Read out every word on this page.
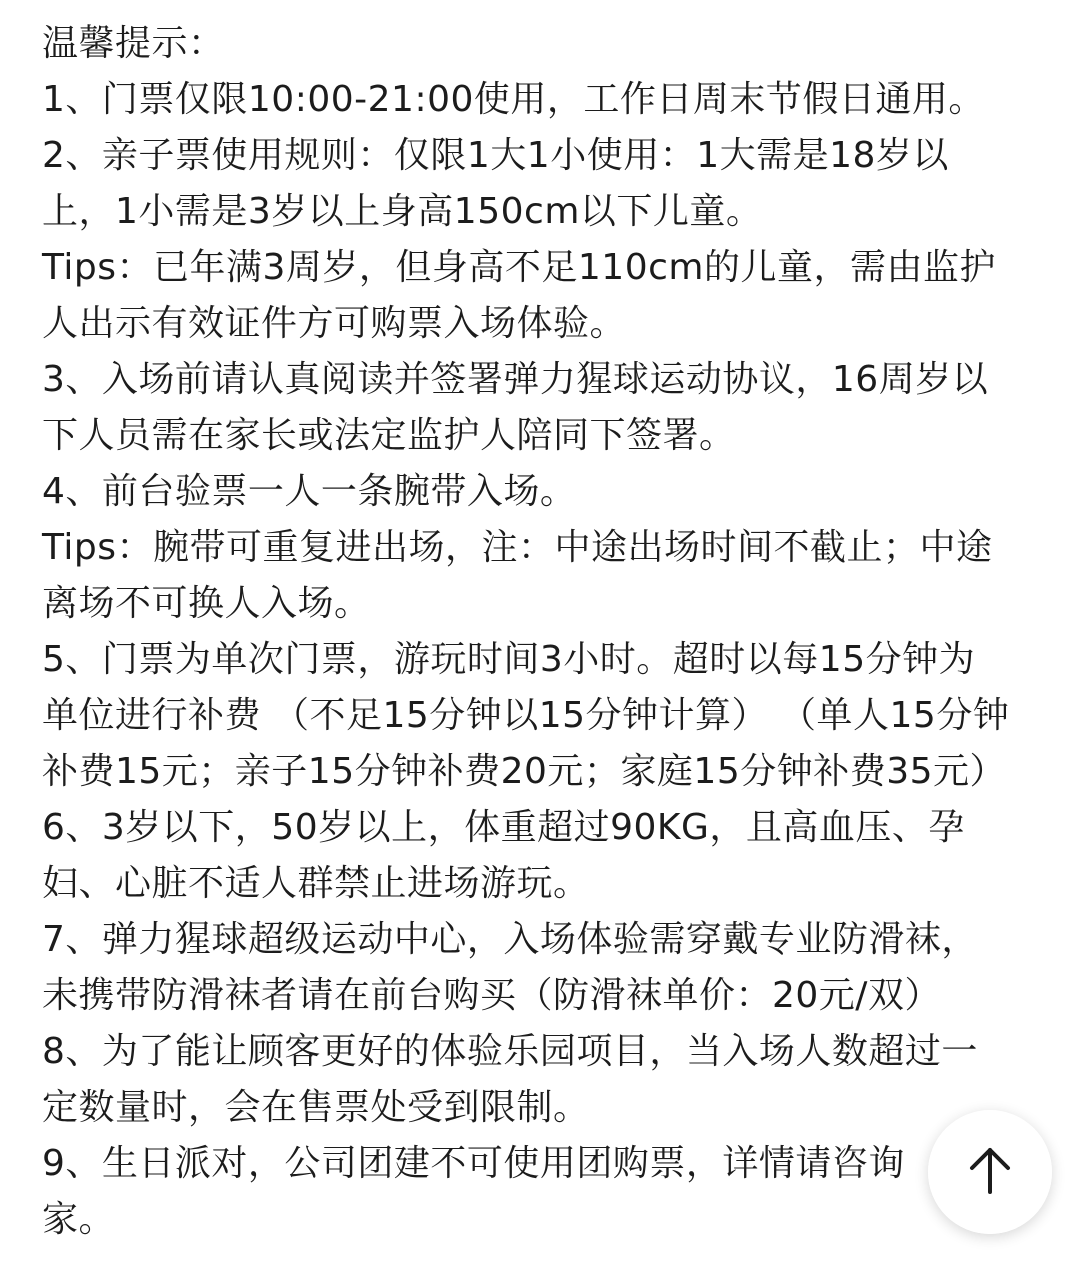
温馨提示：
1、门票仅限10:00-21:00使用，工作日周末节假日通用。
2、亲子票使用规则：仅限1大1小使用：1大需是18岁以
上，1小需是3岁以上身高150cm以下儿童。
Tips：已年满3周岁，但身高不足110cm的儿童，需由监护
人出示有效证件方可购票入场体验。
3、入场前请认真阅读并签署弹力猩球运动协议，16周岁以
下人员需在家长或法定监护人陪同下签署。
4、前台验票一人一条腕带入场。
Tips：腕带可重复进出场，注：中途出场时间不截止；中途
离场不可换人入场。
5、门票为单次门票，游玩时间3小时。超时以每15分钟为
单位进行补费 （不足15分钟以15分钟计算） （单人15分钟
补费15元；亲子15分钟补费20元；家庭15分钟补费35元）
6、3岁以下，50岁以上，体重超过90KG，且高血压、孕
妇、心脏不适人群禁止进场游玩。
7、弹力猩球超级运动中心，入场体验需穿戴专业防滑袜，
未携带防滑袜者请在前台购买（防滑袜单价：20元/双）
8、为了能让顾客更好的体验乐园项目，当入场人数超过一
定数量时，会在售票处受到限制。
9、生日派对，公司团建不可使用团购票，详情请咨询
家。
